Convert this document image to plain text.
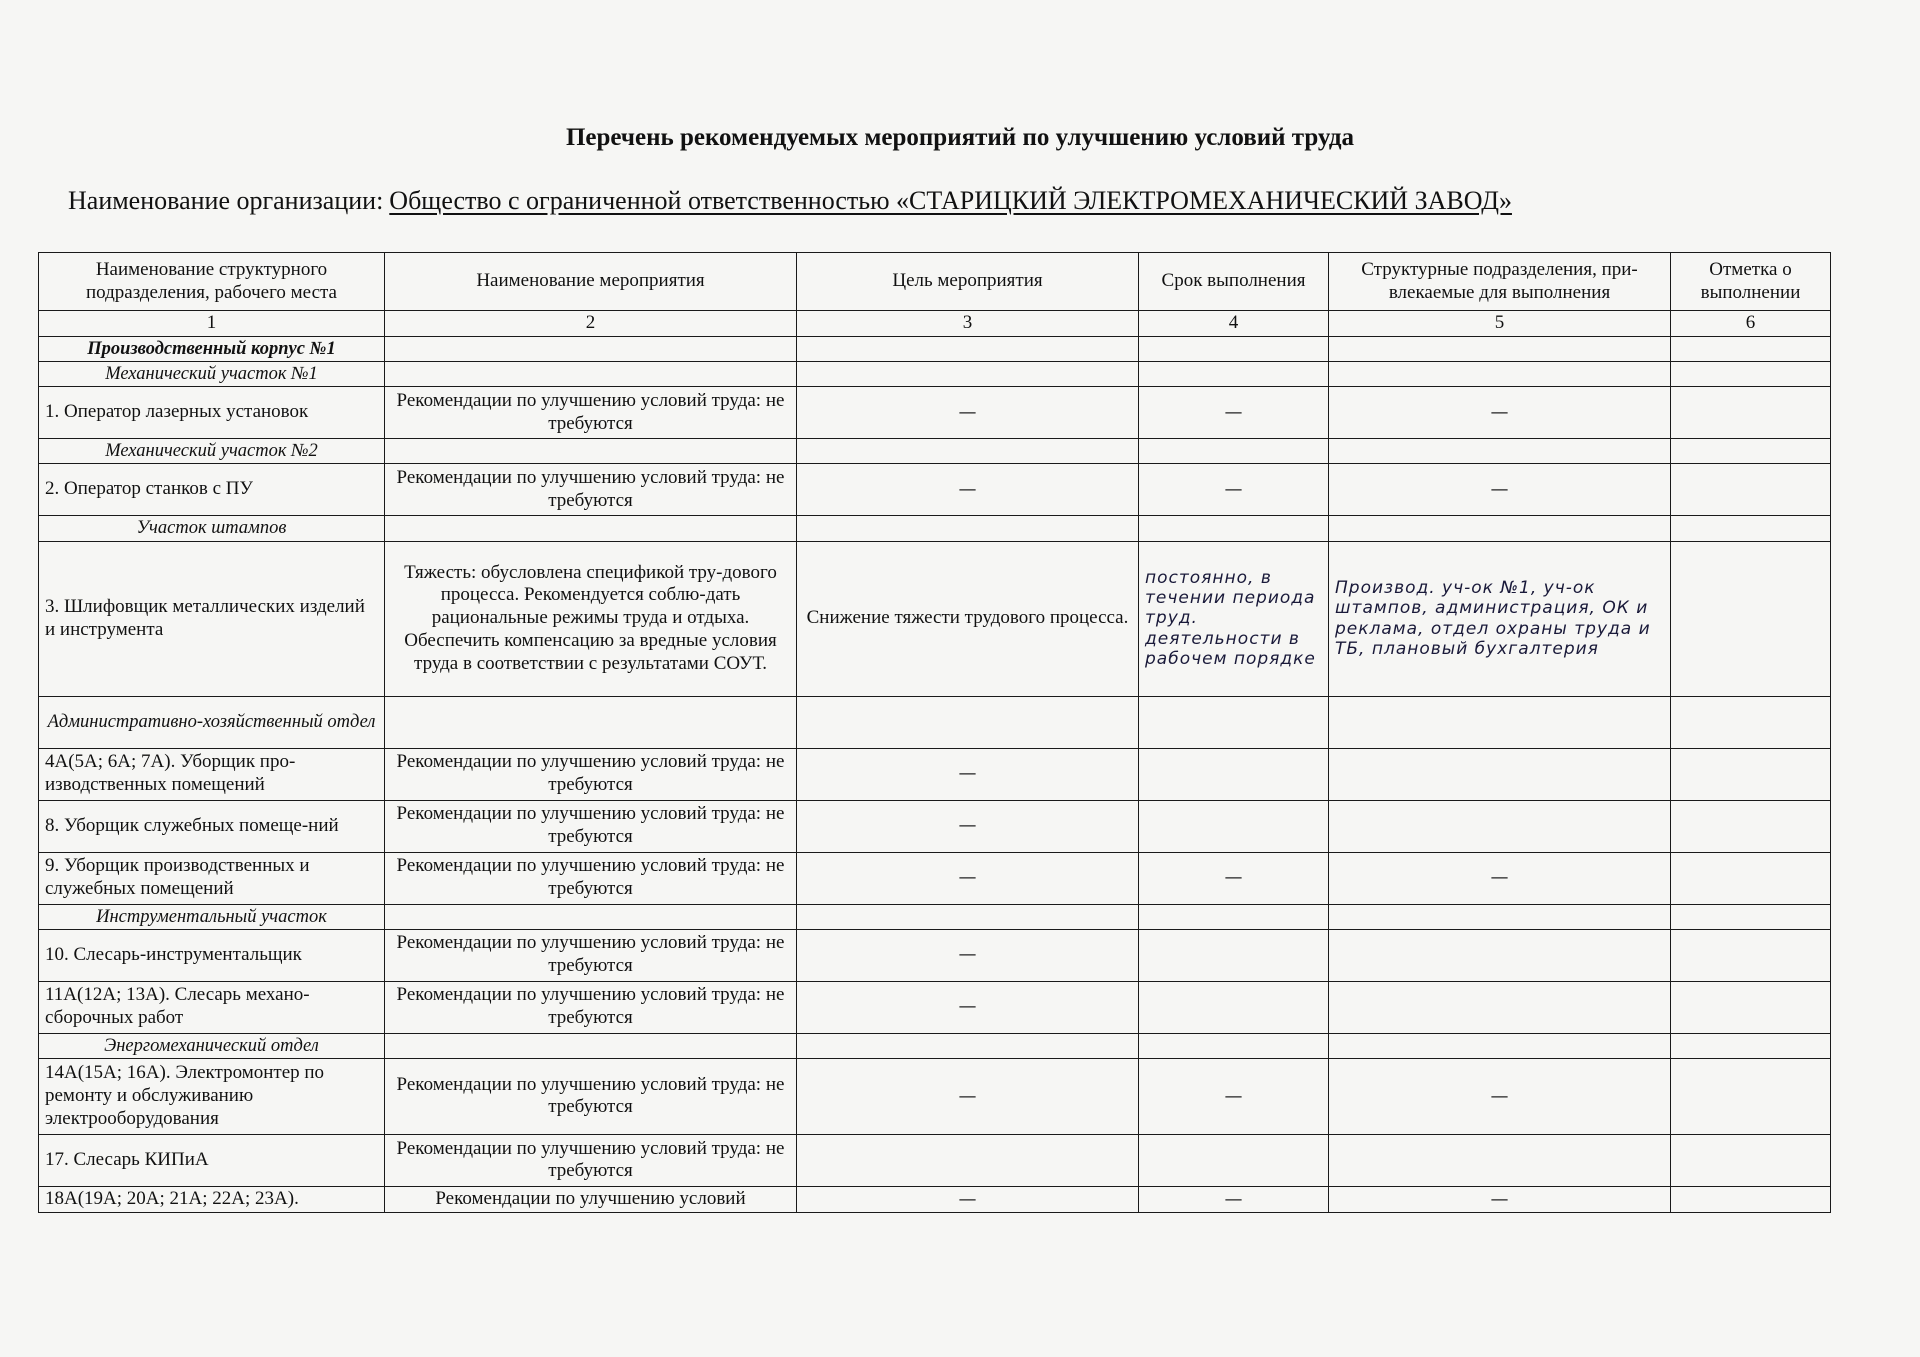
Перечень рекомендуемых мероприятий по улучшению условий труда
Наименование организации: Общество с ограниченной ответственностью «СТАРИЦКИЙ ЭЛЕКТРОМЕХАНИЧЕСКИЙ ЗАВОД»
Наименование структурного подразделения, рабочего места	Наименование мероприятия	Цель мероприятия	Срок выполнения	Структурные подразделения, при-влекаемые для выполнения	Отметка о выполнении
1	2	3	4	5	6
Производственный корпус №1					
Механический участок №1					
1. Оператор лазерных установок	Рекомендации по улучшению условий труда: не требуются	—	—	—	
Механический участок №2					
2. Оператор станков с ПУ	Рекомендации по улучшению условий труда: не требуются	—	—	—	
Участок штампов					
3. Шлифовщик металлических изделий и инструмента	Тяжесть: обусловлена спецификой тру-дового процесса. Рекомендуется соблю-дать рациональные режимы труда и отдыха. Обеспечить компенсацию за вредные условия труда в соответствии с результатами СОУТ.	Снижение тяжести трудового процесса.	постоянно, в течении периода труд. деятельности в рабочем порядке	Производ. уч-ок №1, уч-ок штампов, администрация, ОК и реклама, отдел охраны труда и ТБ, плановый бухгалтерия	
Административно-хозяйственный отдел					
4А(5А; 6А; 7А). Уборщик про-изводственных помещений	Рекомендации по улучшению условий труда: не требуются	—			
8. Уборщик служебных помеще-ний	Рекомендации по улучшению условий труда: не требуются	—			
9. Уборщик производственных и служебных помещений	Рекомендации по улучшению условий труда: не требуются	—	—	—	
Инструментальный участок					
10. Слесарь-инструментальщик	Рекомендации по улучшению условий труда: не требуются	—			
11А(12А; 13А). Слесарь механо-сборочных работ	Рекомендации по улучшению условий труда: не требуются	—			
Энергомеханический отдел					
14А(15А; 16А). Электромонтер по ремонту и обслуживанию электрооборудования	Рекомендации по улучшению условий труда: не требуются	—	—	—	
17. Слесарь КИПиА	Рекомендации по улучшению условий труда: не требуются				
18А(19А; 20А; 21А; 22А; 23А).	Рекомендации по улучшению условий	—	—	—	
